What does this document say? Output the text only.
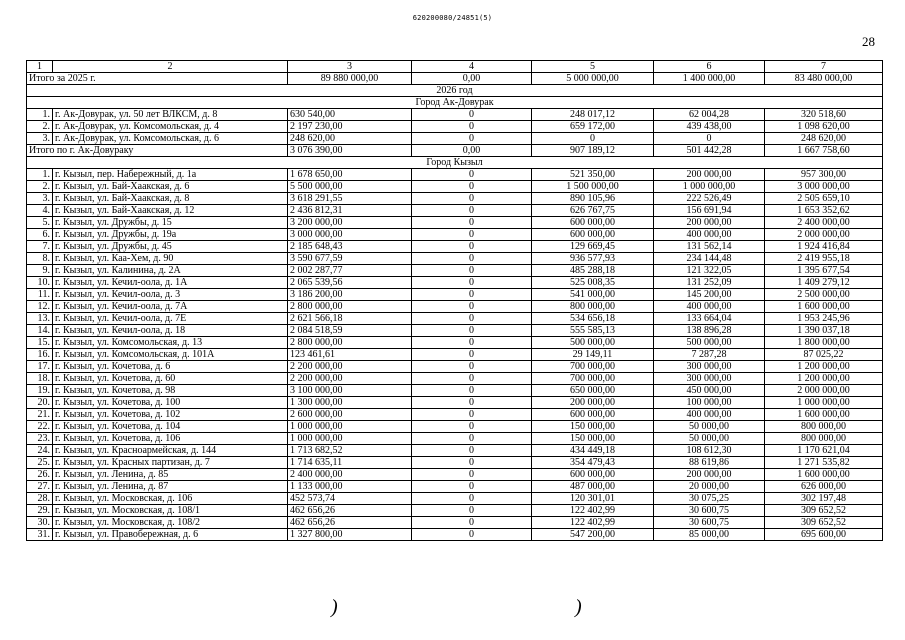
620200080/24851(5)
28
1	2	3	4	5	6	7
Итого за 2025 г.		89 880 000,00	0,00	5 000 000,00	1 400 000,00	83 480 000,00
2026 год						
Город Ак-Довурак						
1.	г. Ак-Довурак, ул. 50 лет ВЛКСМ, д. 8	630 540,00	0	248 017,12	62 004,28	320 518,60
2.	г. Ак-Довурак, ул. Комсомольская, д. 4	2 197 230,00	0	659 172,00	439 438,00	1 098 620,00
3.	г. Ак-Довурак, ул. Комсомольская, д. 6	248 620,00	0	0	0	248 620,00
Итого по г. Ак-Довураку		3 076 390,00	0,00	907 189,12	501 442,28	1 667 758,60
Город Кызыл						
1.	г. Кызыл, пер. Набережный, д. 1а	1 678 650,00	0	521 350,00	200 000,00	957 300,00
2.	г. Кызыл, ул. Бай-Хаакская, д. 6	5 500 000,00	0	1 500 000,00	1 000 000,00	3 000 000,00
3.	г. Кызыл, ул. Бай-Хаакская, д. 8	3 618 291,55	0	890 105,96	222 526,49	2 505 659,10
4.	г. Кызыл, ул. Бай-Хаакская, д. 12	2 436 812,31	0	626 767,75	156 691,94	1 653 352,62
5.	г. Кызыл, ул. Дружбы, д. 15	3 200 000,00	0	600 000,00	200 000,00	2 400 000,00
6.	г. Кызыл, ул. Дружбы, д. 19а	3 000 000,00	0	600 000,00	400 000,00	2 000 000,00
7.	г. Кызыл, ул. Дружбы, д. 45	2 185 648,43	0	129 669,45	131 562,14	1 924 416,84
8.	г. Кызыл, ул. Каа-Хем, д. 90	3 590 677,59	0	936 577,93	234 144,48	2 419 955,18
9.	г. Кызыл, ул. Калинина, д. 2А	2 002 287,77	0	485 288,18	121 322,05	1 395 677,54
10.	г. Кызыл, ул. Кечил-оола, д. 1А	2 065 539,56	0	525 008,35	131 252,09	1 409 279,12
11.	г. Кызыл, ул. Кечил-оола, д. 3	3 186 200,00	0	541 000,00	145 200,00	2 500 000,00
12.	г. Кызыл, ул. Кечил-оола, д. 7А	2 800 000,00	0	800 000,00	400 000,00	1 600 000,00
13.	г. Кызыл, ул. Кечил-оола, д. 7Е	2 621 566,18	0	534 656,18	133 664,04	1 953 245,96
14.	г. Кызыл, ул. Кечил-оола, д. 18	2 084 518,59	0	555 585,13	138 896,28	1 390 037,18
15.	г. Кызыл, ул. Комсомольская, д. 13	2 800 000,00	0	500 000,00	500 000,00	1 800 000,00
16.	г. Кызыл, ул. Комсомольская, д. 101А	123 461,61	0	29 149,11	7 287,28	87 025,22
17.	г. Кызыл, ул. Кочетова, д. 6	2 200 000,00	0	700 000,00	300 000,00	1 200 000,00
18.	г. Кызыл, ул. Кочетова, д. 60	2 200 000,00	0	700 000,00	300 000,00	1 200 000,00
19.	г. Кызыл, ул. Кочетова, д. 98	3 100 000,00	0	650 000,00	450 000,00	2 000 000,00
20.	г. Кызыл, ул. Кочетова, д. 100	1 300 000,00	0	200 000,00	100 000,00	1 000 000,00
21.	г. Кызыл, ул. Кочетова, д. 102	2 600 000,00	0	600 000,00	400 000,00	1 600 000,00
22.	г. Кызыл, ул. Кочетова, д. 104	1 000 000,00	0	150 000,00	50 000,00	800 000,00
23.	г. Кызыл, ул. Кочетова, д. 106	1 000 000,00	0	150 000,00	50 000,00	800 000,00
24.	г. Кызыл, ул. Красноармейская, д. 144	1 713 682,52	0	434 449,18	108 612,30	1 170 621,04
25.	г. Кызыл, ул. Красных партизан, д. 7	1 714 635,11	0	354 479,43	88 619,86	1 271 535,82
26.	г. Кызыл, ул. Ленина, д. 85	2 400 000,00	0	600 000,00	200 000,00	1 600 000,00
27.	г. Кызыл, ул. Ленина, д. 87	1 133 000,00	0	487 000,00	20 000,00	626 000,00
28.	г. Кызыл, ул. Московская, д. 106	452 573,74	0	120 301,01	30 075,25	302 197,48
29.	г. Кызыл, ул. Московская, д. 108/1	462 656,26	0	122 402,99	30 600,75	309 652,52
30.	г. Кызыл, ул. Московская, д. 108/2	462 656,26	0	122 402,99	30 600,75	309 652,52
31.	г. Кызыл, ул. Правобережная, д. 6	1 327 800,00	0	547 200,00	85 000,00	695 600,00
)	)
